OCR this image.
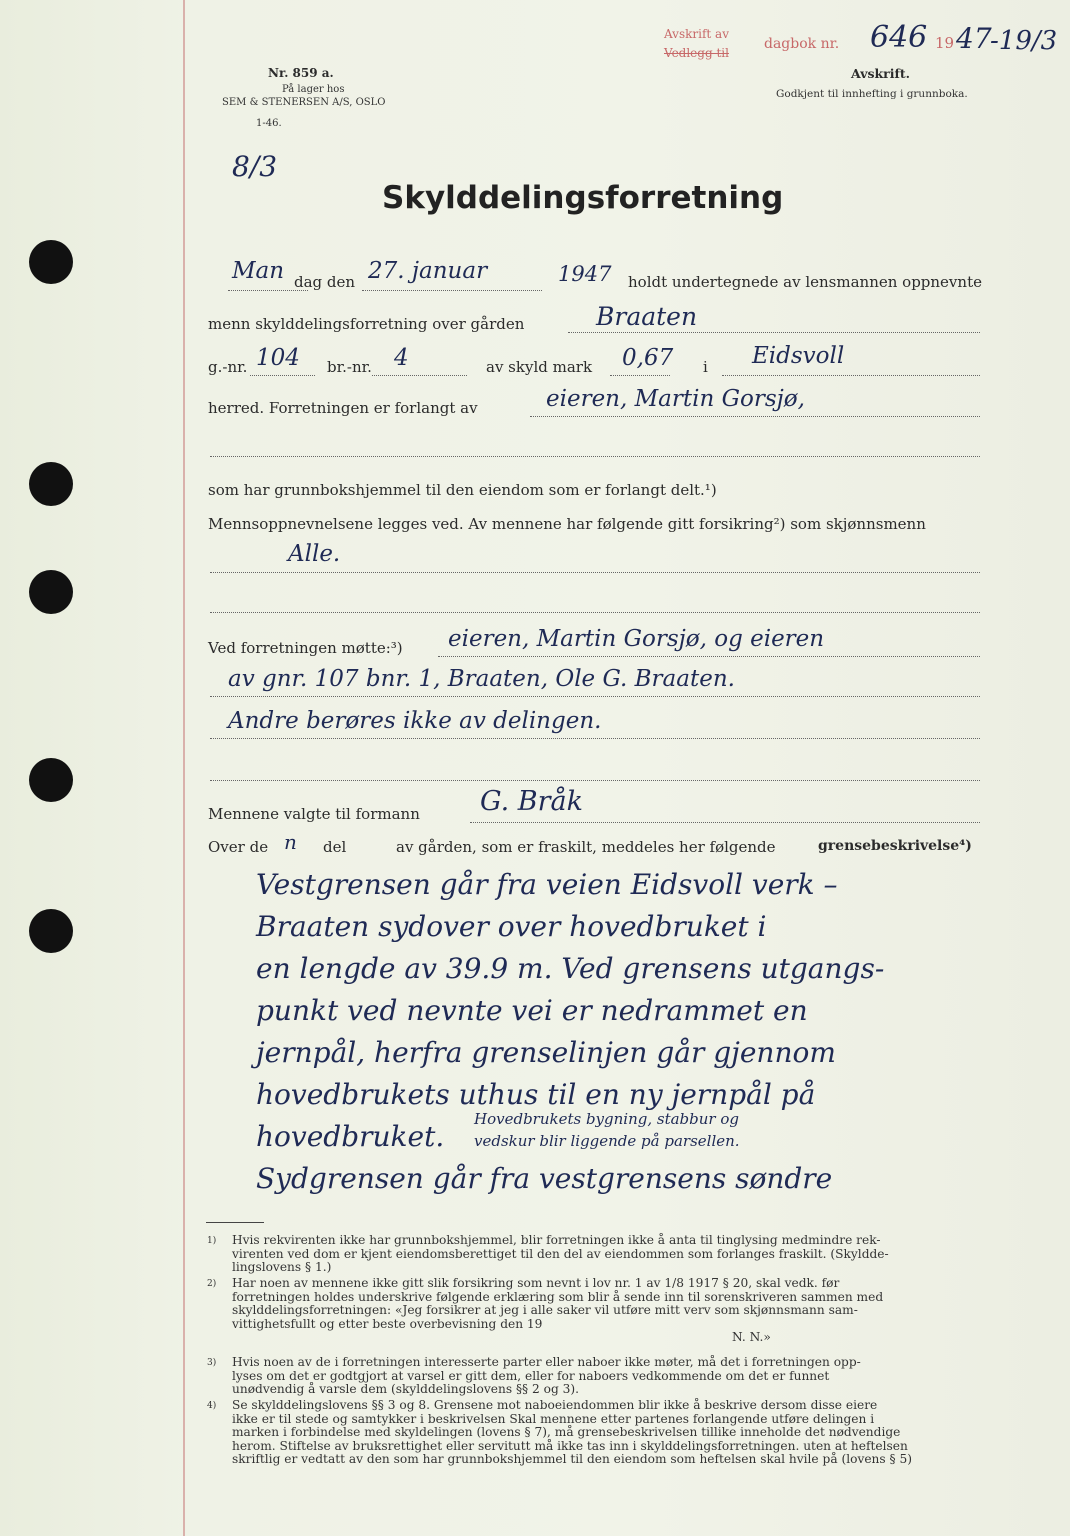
Nr. 859 a.
På lager hos
SEM & STENERSEN A/S, OSLO
1-46.
Avskrift av
Vedlegg til
dagbok nr. 646 19 47
-19/3
Avskrift.
Godkjent til innhefting i grunnboka.
8/3
Skylddelingsforretning
Man dag den 27. januar	1947 holdt undertegnede av lensmannen oppnevnte
menn skylddelingsforretning over gården	Braaten
g.-nr. 104 br.-nr. 4	av skyld mark 0,67 i Eidsvoll
herred. Forretningen er forlangt av	eieren, Martin Gorsjø,
som har grunnbokshjemmel til den eiendom som er forlangt delt.¹)
Mennsoppnevnelsene legges ved. Av mennene har følgende gitt forsikring²) som skjønnsmenn
Alle.
Ved forretningen møtte:³) eieren, Martin Gorsjø, og eieren
av gnr. 107 bnr. 1, Braaten, Ole G. Braaten.
Andre berøres ikke av delingen.
Mennene valgte til formann G. Bråk
Over de n del	av gården, som er fraskilt, meddeles her følgende	grensebeskrivelse⁴)
Vestgrensen går fra veien Eidsvoll verk –
Braaten sydover over hovedbruket i
en lengde av 39.9 m. Ved grensens utgangs-
punkt ved nevnte vei er nedrammet en
jernpål, herfra grenselinjen går gjennom
hovedbrukets uthus til en ny jernpål på
hovedbruket.
Hovedbrukets bygning, stabbur og
vedskur blir liggende på parsellen.
Sydgrensen går fra vestgrensens søndre
1) Hvis rekvirenten ikke har grunnbokshjemmel, blir forretningen ikke å anta til tinglysing medmindre rek-
virenten ved dom er kjent eiendomsberettiget til den del av eiendommen som forlanges fraskilt. (Skyldde-
lingslovens § 1.)
2) Har noen av mennene ikke gitt slik forsikring som nevnt i lov nr. 1 av 1/8 1917 § 20, skal vedk. før
forretningen holdes underskrive følgende erklæring som blir å sende inn til sorenskriveren sammen med
skylddelingsforretningen: «Jeg forsikrer at jeg i alle saker vil utføre mitt verv som skjønnsmann sam-
vittighetsfullt og etter beste overbevisning den 19
N. N.»
3) Hvis noen av de i forretningen interesserte parter eller naboer ikke møter, må det i forretningen opp-
lyses om det er godtgjort at varsel er gitt dem, eller for naboers vedkommende om det er funnet
unødvendig å varsle dem (skylddelingslovens §§ 2 og 3).
4) Se skylddelingslovens §§ 3 og 8. Grensene mot naboeiendommen blir ikke å beskrive dersom disse eiere
ikke er til stede og samtykker i beskrivelsen Skal mennene etter partenes forlangende utføre delingen i
marken i forbindelse med skyldelingen (lovens § 7), må grensebeskrivelsen tillike inneholde det nødvendige
herom. Stiftelse av bruksrettighet eller servitutt må ikke tas inn i skylddelingsforretningen. uten at heftelsen
skriftlig er vedtatt av den som har grunnbokshjemmel til den eiendom som heftelsen skal hvile på (lovens § 5)
